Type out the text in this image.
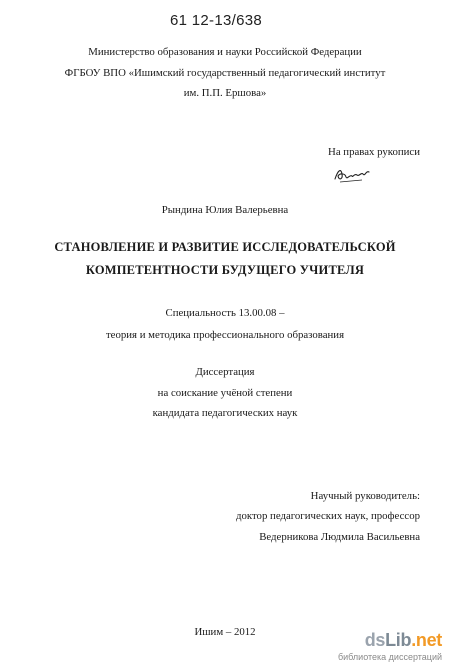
61 12-13/638
Министерство образования и науки Российской Федерации
ФГБОУ ВПО «Ишимский государственный педагогический институт
им. П.П. Ершова»
На правах рукописи
Рындина Юлия Валерьевна
СТАНОВЛЕНИЕ И РАЗВИТИЕ ИССЛЕДОВАТЕЛЬСКОЙ
КОМПЕТЕНТНОСТИ БУДУЩЕГО УЧИТЕЛЯ
Специальность 13.00.08 –
теория и методика профессионального образования
Диссертация
на соискание учёной степени
кандидата педагогических наук
Научный руководитель:
доктор педагогических наук, профессор
Ведерникова Людмила Васильевна
Ишим – 2012	dsLib.net
библиотека диссертаций
